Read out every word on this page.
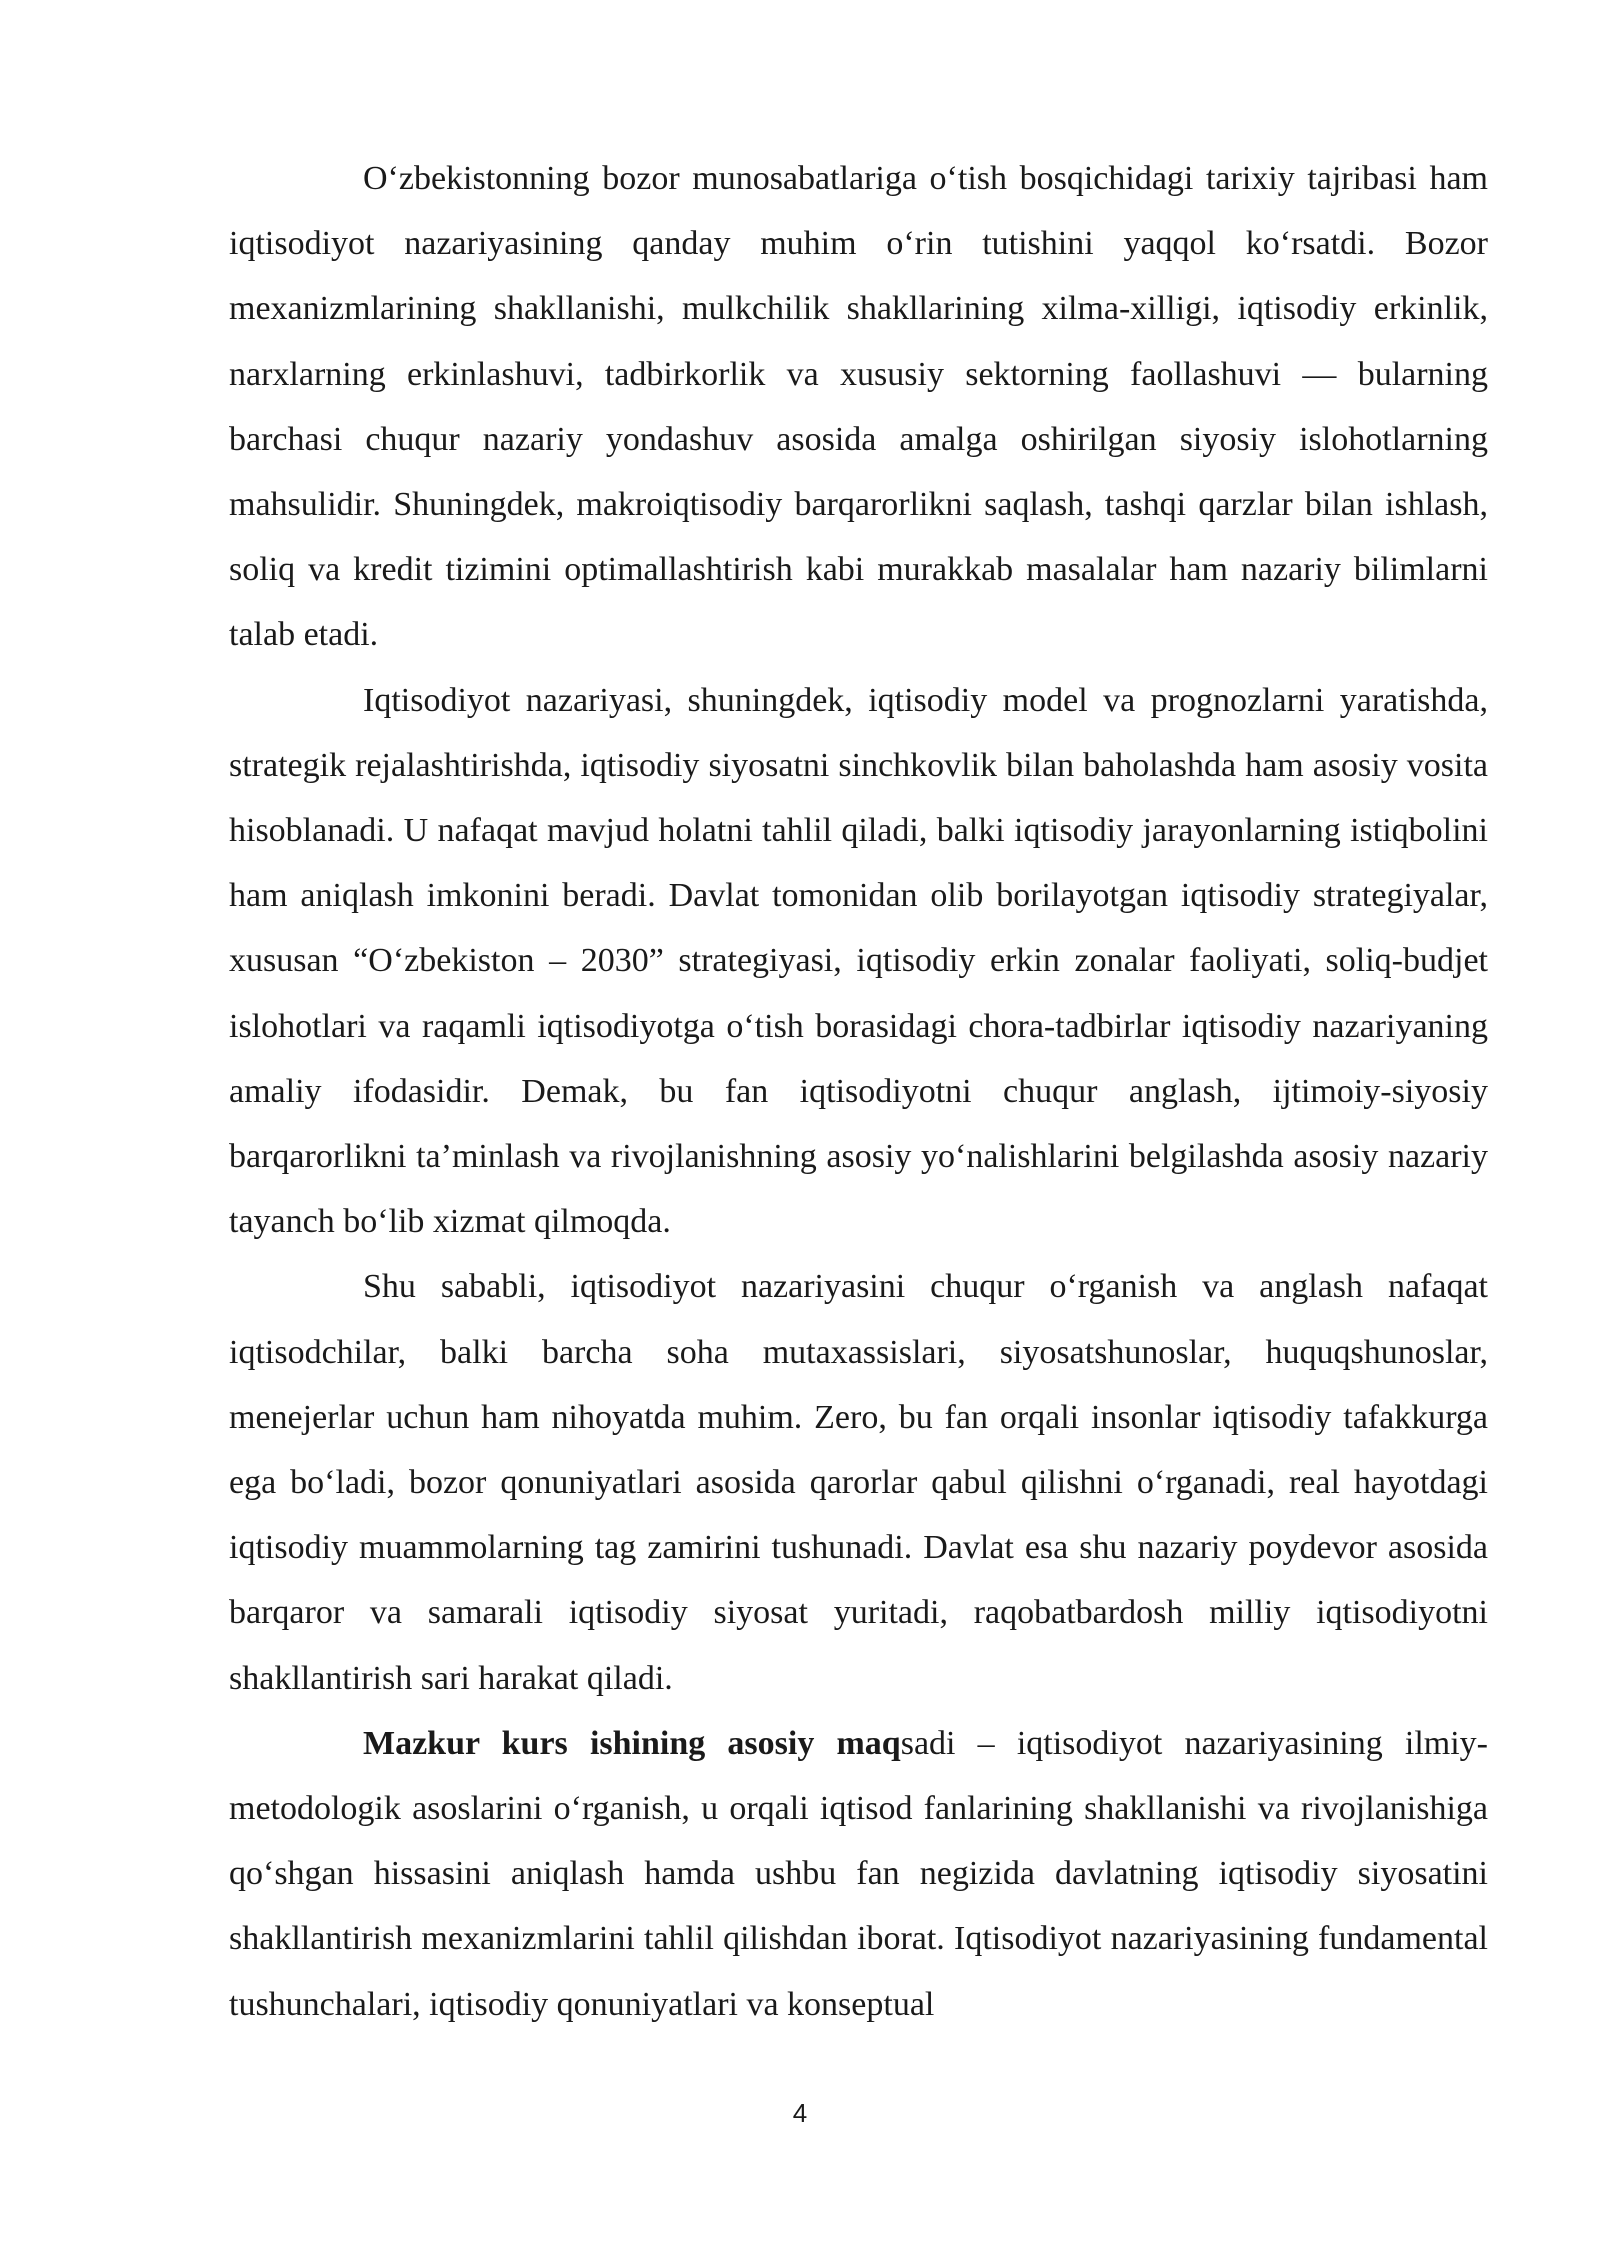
O‘zbekistonning bozor munosabatlariga o‘tish bosqichidagi tarixiy tajribasi ham iqtisodiyot nazariyasining qanday muhim o‘rin tutishini yaqqol ko‘rsatdi. Bozor mexanizmlarining shakllanishi, mulkchilik shakllarining xilma-xilligi, iqtisodiy erkinlik, narxlarning erkinlashuvi, tadbirkorlik va xususiy sektorning faollashuvi — bularning barchasi chuqur nazariy yondashuv asosida amalga oshirilgan siyosiy islohotlarning mahsulidir. Shuningdek, makroiqtisodiy barqarorlikni saqlash, tashqi qarzlar bilan ishlash, soliq va kredit tizimini optimallashtirish kabi murakkab masalalar ham nazariy bilimlarni talab etadi.

Iqtisodiyot nazariyasi, shuningdek, iqtisodiy model va prognozlarni yaratishda, strategik rejalashtirishda, iqtisodiy siyosatni sinchkovlik bilan baholashda ham asosiy vosita hisoblanadi. U nafaqat mavjud holatni tahlil qiladi, balki iqtisodiy jarayonlarning istiqbolini ham aniqlash imkonini beradi. Davlat tomonidan olib borilayotgan iqtisodiy strategiyalar, xususan “O‘zbekiston – 2030” strategiyasi, iqtisodiy erkin zonalar faoliyati, soliq-budjet islohotlari va raqamli iqtisodiyotga o‘tish borasidagi chora-tadbirlar iqtisodiy nazariyaning amaliy ifodasidir. Demak, bu fan iqtisodiyotni chuqur anglash, ijtimoiy-siyosiy barqarorlikni ta’minlash va rivojlanishning asosiy yo‘nalishlarini belgilashda asosiy nazariy tayanch bo‘lib xizmat qilmoqda.

Shu sababli, iqtisodiyot nazariyasini chuqur o‘rganish va anglash nafaqat iqtisodchilar, balki barcha soha mutaxassislari, siyosatshunoslar, huquqshunoslar, menejerlar uchun ham nihoyatda muhim. Zero, bu fan orqali insonlar iqtisodiy tafakkurga ega bo‘ladi, bozor qonuniyatlari asosida qarorlar qabul qilishni o‘rganadi, real hayotdagi iqtisodiy muammolarning tag zamirini tushunadi. Davlat esa shu nazariy poydevor asosida barqaror va samarali iqtisodiy siyosat yuritadi, raqobatbardosh milliy iqtisodiyotni shakllantirish sari harakat qiladi.

Mazkur kurs ishining asosiy maqsadi – iqtisodiyot nazariyasining ilmiy-metodologik asoslarini o‘rganish, u orqali iqtisod fanlarining shakllanishi va rivojlanishiga qo‘shgan hissasini aniqlash hamda ushbu fan negizida davlatning iqtisodiy siyosatini shakllantirish mexanizmlarini tahlil qilishdan iborat. Iqtisodiyot nazariyasining fundamental tushunchalari, iqtisodiy qonuniyatlari va konseptual

4
